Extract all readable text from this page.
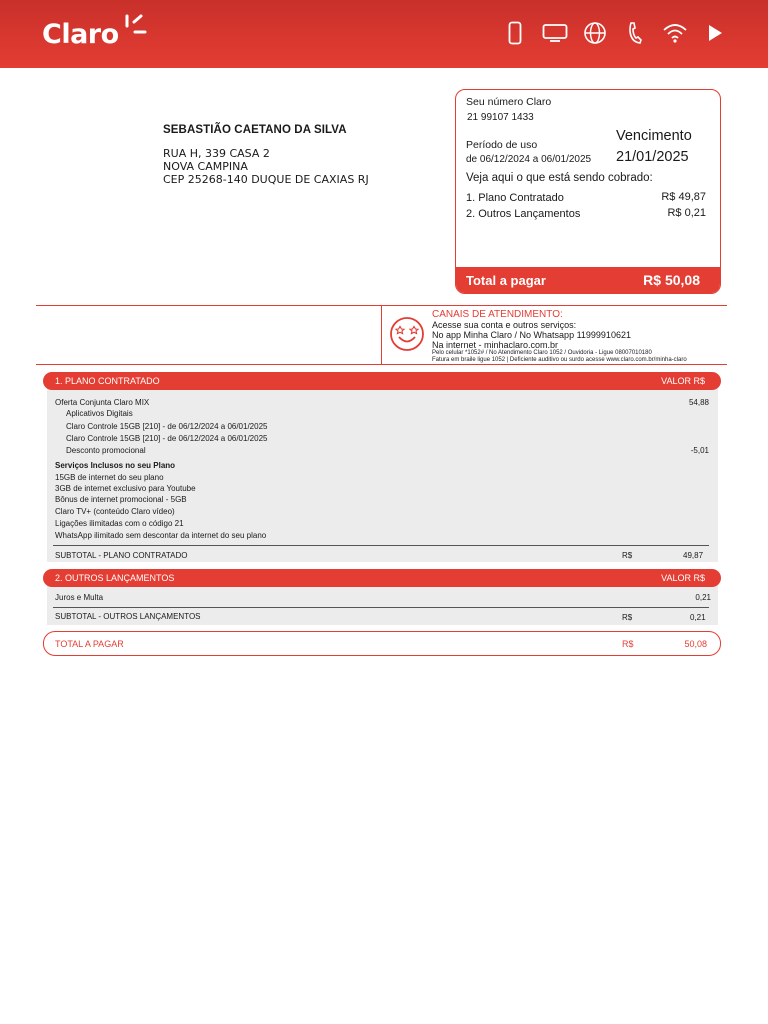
Claro
SEBASTIÃO CAETANO DA SILVA
RUA H, 339 CASA 2
NOVA CAMPINA
CEP 25268-140 DUQUE DE CAXIAS RJ
Seu número Claro
21 99107 1433
Período de uso
de 06/12/2024 a 06/01/2025
Vencimento
21/01/2025
Veja aqui o que está sendo cobrado:
1. Plano Contratado	R$ 49,87
2. Outros Lançamentos	R$ 0,21
Total a pagar	R$ 50,08
CANAIS DE ATENDIMENTO:
Acesse sua conta e outros serviços:
No app Minha Claro / No Whatsapp 11999910621
Na internet - minhaclaro.com.br
Pelo celular *1052# / No Atendimento Claro 1052 / Ouvidoria - Ligue 08007010180
Fatura em braile ligue 1052 | Deficiente auditivo ou surdo acesse www.claro.com.br/minha-claro
1. PLANO CONTRATADO	VALOR R$
Oferta Conjunta Claro MIX	54,88
Aplicativos Digitais
Claro Controle 15GB [210] - de 06/12/2024 a 06/01/2025
Claro Controle 15GB [210] - de 06/12/2024 a 06/01/2025
Desconto promocional	-5,01
Serviços Inclusos no seu Plano
15GB de internet do seu plano
3GB de internet exclusivo para Youtube
Bônus de internet promocional - 5GB
Claro TV+ (conteúdo Claro vídeo)
Ligações ilimitadas com o código 21
WhatsApp ilimitado sem descontar da internet do seu plano
SUBTOTAL - PLANO CONTRATADO	R$	49,87
2. OUTROS LANÇAMENTOS	VALOR R$
Juros e Multa	0,21
SUBTOTAL - OUTROS LANÇAMENTOS	R$	0,21
TOTAL A PAGAR	R$	50,08
